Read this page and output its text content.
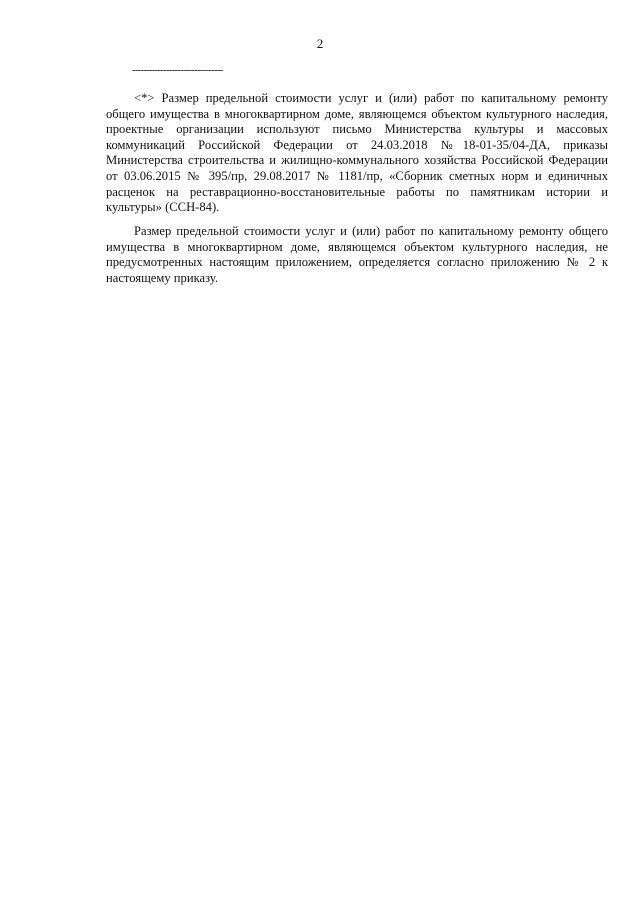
2
--------------------------------

<*> Размер предельной стоимости услуг и (или) работ по капитальному ремонту общего имущества в многоквартирном доме, являющемся объектом культурного наследия, проектные организации используют письмо Министерства культуры и массовых коммуникаций Российской Федерации от 24.03.2018 №18-01-35/04-ДА, приказы Министерства строительства и жилищно-коммунального хозяйства Российской Федерации от 03.06.2015 № 395/пр, 29.08.2017 № 1181/пр, «Сборник сметных норм и единичных расценок на реставрационно-восстановительные работы по памятникам истории и культуры» (ССН-84).

Размер предельной стоимости услуг и (или) работ по капитальному ремонту общего имущества в многоквартирном доме, являющемся объектом культурного наследия, не предусмотренных настоящим приложением, определяется согласно приложению № 2 к настоящему приказу.
